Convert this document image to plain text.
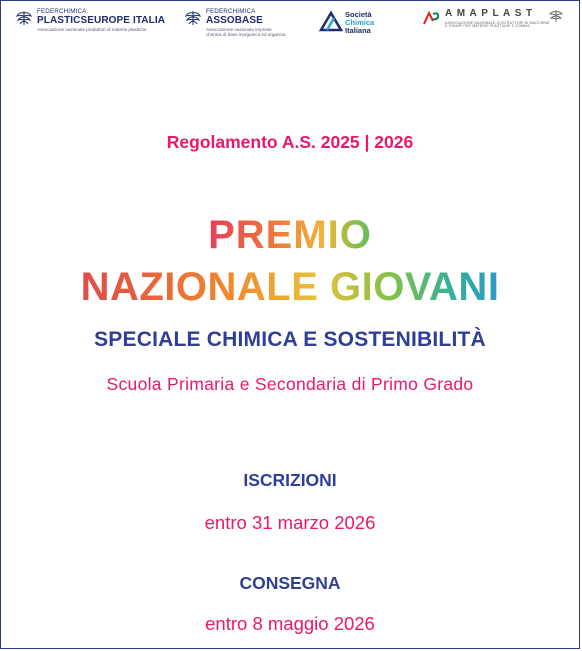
FEDERCHIMICA
PLASTICSEUROPE ITALIA
Associazione nazionale produttori di materie plastiche
FEDERCHIMICA
ASSOBASE
Associazione nazionale imprese
chimica di base inorganica ed organica
Società
Chimica
Italiana
AMAPLAST
ASSOCIAZIONE NAZIONALE COSTRUTTORI DI MACCHINE
E STAMPI PER MATERIE PLASTICHE E GOMMA
Regolamento A.S. 2025 | 2026
PREMIO
NAZIONALE GIOVANI
SPECIALE CHIMICA E SOSTENIBILITÀ
Scuola Primaria e Secondaria di Primo Grado
ISCRIZIONI
entro 31 marzo 2026
CONSEGNA
entro 8 maggio 2026
